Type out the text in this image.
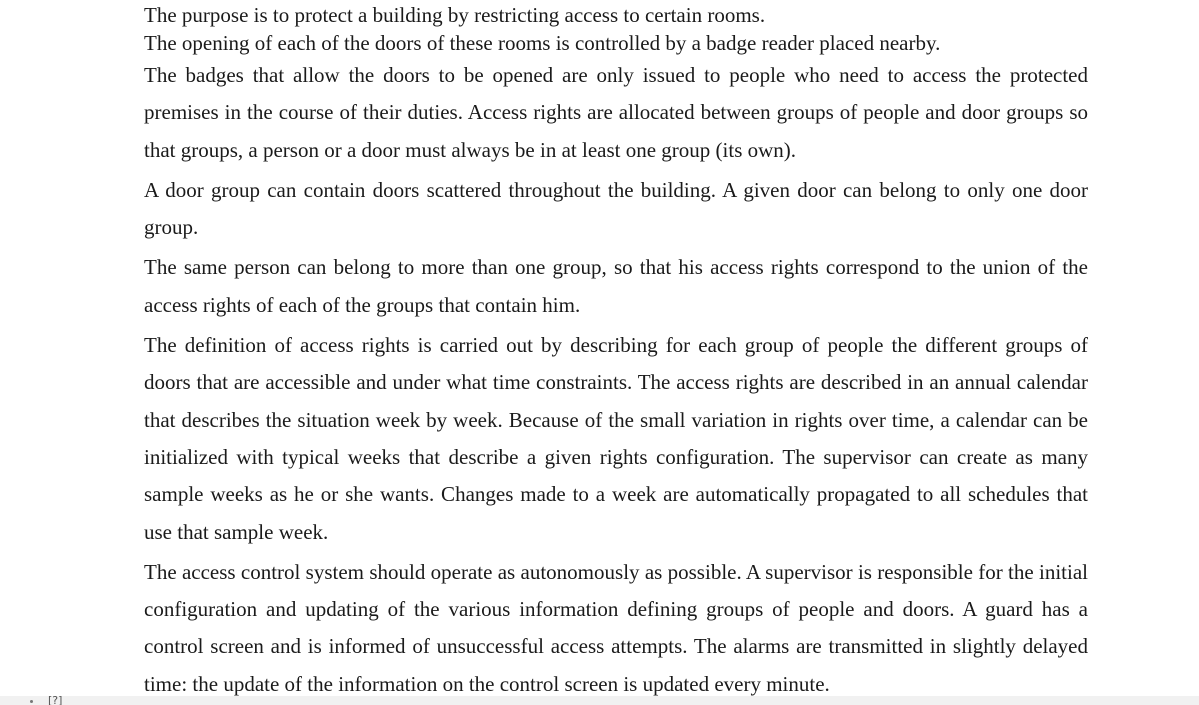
The purpose is to protect a building by restricting access to certain rooms.

The opening of each of the doors of these rooms is controlled by a badge reader placed nearby.

The badges that allow the doors to be opened are only issued to people who need to access the protected premises in the course of their duties. Access rights are allocated between groups of people and door groups so that groups, a person or a door must always be in at least one group (its own).

A door group can contain doors scattered throughout the building. A given door can belong to only one door group.

The same person can belong to more than one group, so that his access rights correspond to the union of the access rights of each of the groups that contain him.

The definition of access rights is carried out by describing for each group of people the different groups of doors that are accessible and under what time constraints. The access rights are described in an annual calendar that describes the situation week by week. Because of the small variation in rights over time, a calendar can be initialized with typical weeks that describe a given rights configuration. The supervisor can create as many sample weeks as he or she wants. Changes made to a week are automatically propagated to all schedules that use that sample week.

The access control system should operate as autonomously as possible. A supervisor is responsible for the initial configuration and updating of the various information defining groups of people and doors. A guard has a control screen and is informed of unsuccessful access attempts. The alarms are transmitted in slightly delayed time: the update of the information on the control screen is updated every minute.

[?]
